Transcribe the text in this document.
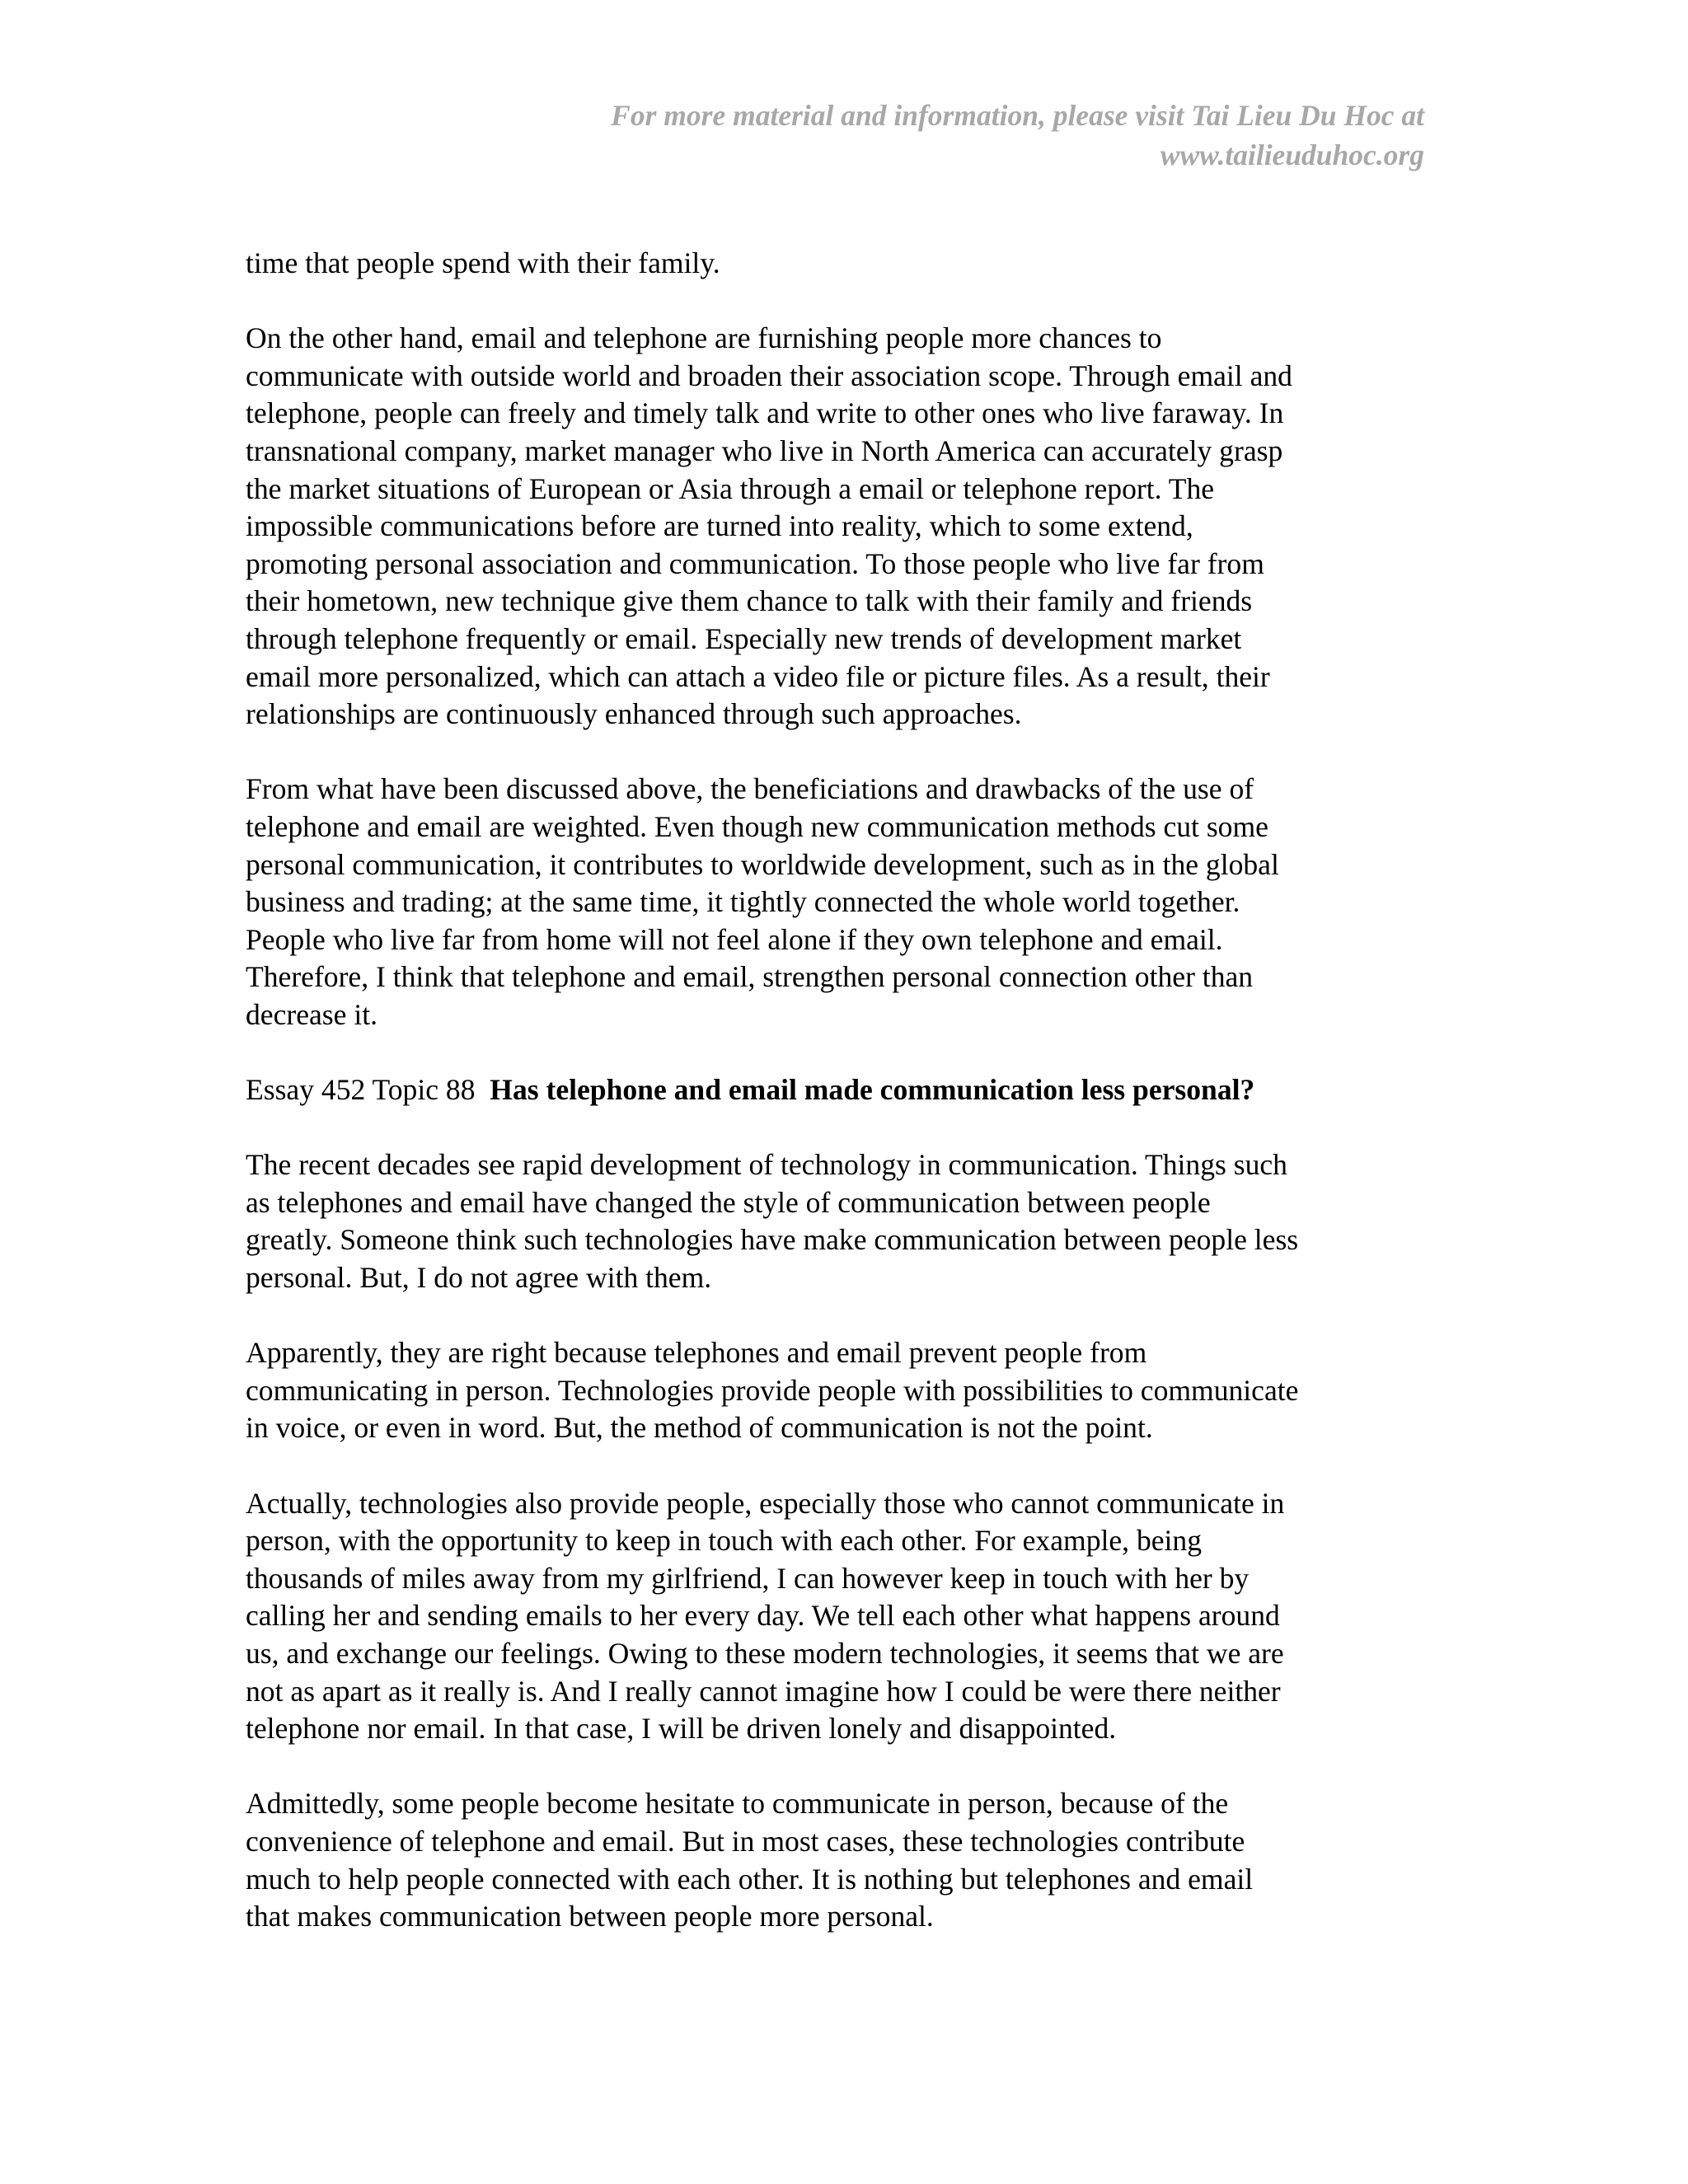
For more material and information, please visit Tai Lieu Du Hoc at
www.tailieuduhoc.org
time that people spend with their family.
On the other hand, email and telephone are furnishing people more chances to
communicate with outside world and broaden their association scope. Through email and
telephone, people can freely and timely talk and write to other ones who live faraway. In
transnational company, market manager who live in North America can accurately grasp
the market situations of European or Asia through a email or telephone report. The
impossible communications before are turned into reality, which to some extend,
promoting personal association and communication. To those people who live far from
their hometown, new technique give them chance to talk with their family and friends
through telephone frequently or email. Especially new trends of development market
email more personalized, which can attach a video file or picture files. As a result, their
relationships are continuously enhanced through such approaches.
From what have been discussed above, the beneficiations and drawbacks of the use of
telephone and email are weighted. Even though new communication methods cut some
personal communication, it contributes to worldwide development, such as in the global
business and trading; at the same time, it tightly connected the whole world together.
People who live far from home will not feel alone if they own telephone and email.
Therefore, I think that telephone and email, strengthen personal connection other than
decrease it.
Essay 452 Topic 88  Has telephone and email made communication less personal?
The recent decades see rapid development of technology in communication. Things such
as telephones and email have changed the style of communication between people
greatly. Someone think such technologies have make communication between people less
personal. But, I do not agree with them.
Apparently, they are right because telephones and email prevent people from
communicating in person. Technologies provide people with possibilities to communicate
in voice, or even in word. But, the method of communication is not the point.
Actually, technologies also provide people, especially those who cannot communicate in
person, with the opportunity to keep in touch with each other. For example, being
thousands of miles away from my girlfriend, I can however keep in touch with her by
calling her and sending emails to her every day. We tell each other what happens around
us, and exchange our feelings. Owing to these modern technologies, it seems that we are
not as apart as it really is. And I really cannot imagine how I could be were there neither
telephone nor email. In that case, I will be driven lonely and disappointed.
Admittedly, some people become hesitate to communicate in person, because of the
convenience of telephone and email. But in most cases, these technologies contribute
much to help people connected with each other. It is nothing but telephones and email
that makes communication between people more personal.
